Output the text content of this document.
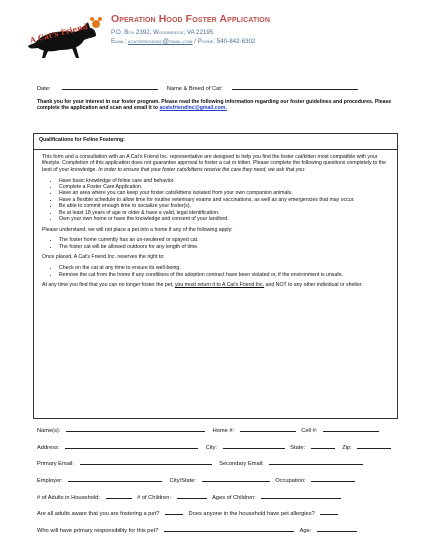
A Cat's Friend
Operation Hood Foster Application
P.O. Box 2392, Woodbridge, VA 22195
Email: acatsfriendinc@gmail.com / Phone: 540-842-6302
Date:	Name & Breed of Cat:
Thank you for your interest in our foster program. Please read the following information regarding our foster guidelines and procedures. Please complete the application and scan and email it to acatsfriendinc@gmail.com.
Qualifications for Feline Fostering:

This form and a consultation with an A Cat's Friend Inc. representative are designed to help you find the foster cat/kitten most compatible with your lifestyle. Completion of this application does not guarantee approval to foster a cat or kitten. Please complete the following questions completely to the best of your knowledge. In order to ensure that your foster cats/kittens receive the care they need, we ask that you:

• Have basic knowledge of feline care and behavior.
• Complete a Foster Care Application.
• Have an area where you can keep your foster cats/kittens isolated from your own companion animals.
• Have a flexible schedule to allow time for routine veterinary exams and vaccinations, as well as any emergencies that may occur.
• Be able to commit enough time to socialize your foster(s).
• Be at least 18 years of age or older & have a valid, legal identification.
• Own your own home or have the knowledge and consent of your landlord.

Please understand, we will not place a pet into a home if any of the following apply:

• The foster home currently has an un-neutered or spayed cat.
• The foster cat will be allowed outdoors for any length of time.

Once placed, A Cat's Friend Inc. reserves the right to:

• Check on the cat at any time to ensure its well-being.
• Remove the cat from the home if any conditions of the adoption contract have been violated or, if the environment is unsafe.

At any time you find that you can no longer foster the pet, you must return it to A Cat's Friend Inc. and NOT to any other individual or shelter.

Name(s):	Home #:	Cell #:
Address:	City:	State:	Zip:
Primary Email:	Secondary Email:
Employer:	City/State:	Occupation:
# of Adults in Household:	# of Children:	Ages of Children:
Are all adults aware that you are fostering a pet?	Does anyone in the household have pet allergies?
Who will have primary responsibility for this pet?	Age:
